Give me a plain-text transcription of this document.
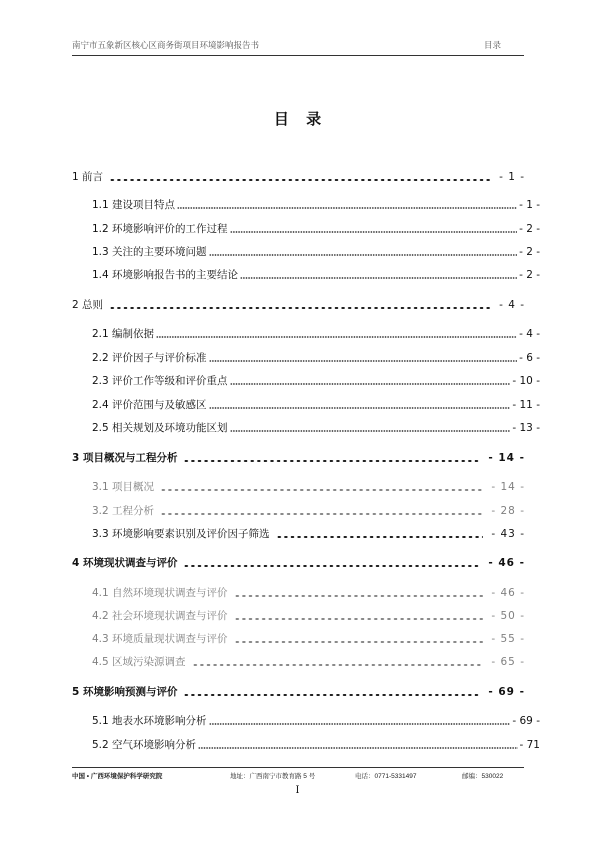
南宁市五象新区核心区商务街项目环境影响报告书	目录
目 录
1 前言	- 1 -
1.1 建设项目特点	- 1 -
1.2 环境影响评价的工作过程	- 2 -
1.3 关注的主要环境问题	- 2 -
1.4 环境影响报告书的主要结论	- 2 -
2 总则	- 4 -
2.1 编制依据	- 4 -
2.2 评价因子与评价标准	- 6 -
2.3 评价工作等级和评价重点	- 10 -
2.4 评价范围与及敏感区	- 11 -
2.5 相关规划及环境功能区划	- 13 -
3 项目概况与工程分析	- 14 -
3.1 项目概况	- 14 -
3.2 工程分析	- 28 -
3.3 环境影响要素识别及评价因子筛选	- 43 -
4 环境现状调查与评价	- 46 -
4.1 自然环境现状调查与评价	- 46 -
4.2 社会环境现状调查与评价	- 50 -
4.3 环境质量现状调查与评价	- 55 -
4.5 区域污染源调查	- 65 -
5 环境影响预测与评价	- 69 -
5.1 地表水环境影响分析	- 69 -
5.2 空气环境影响分析	- 71
中国 • 广西环境保护科学研究院	地址：广西南宁市教育路 5 号	电话：0771-5331497	邮编：530022
I
